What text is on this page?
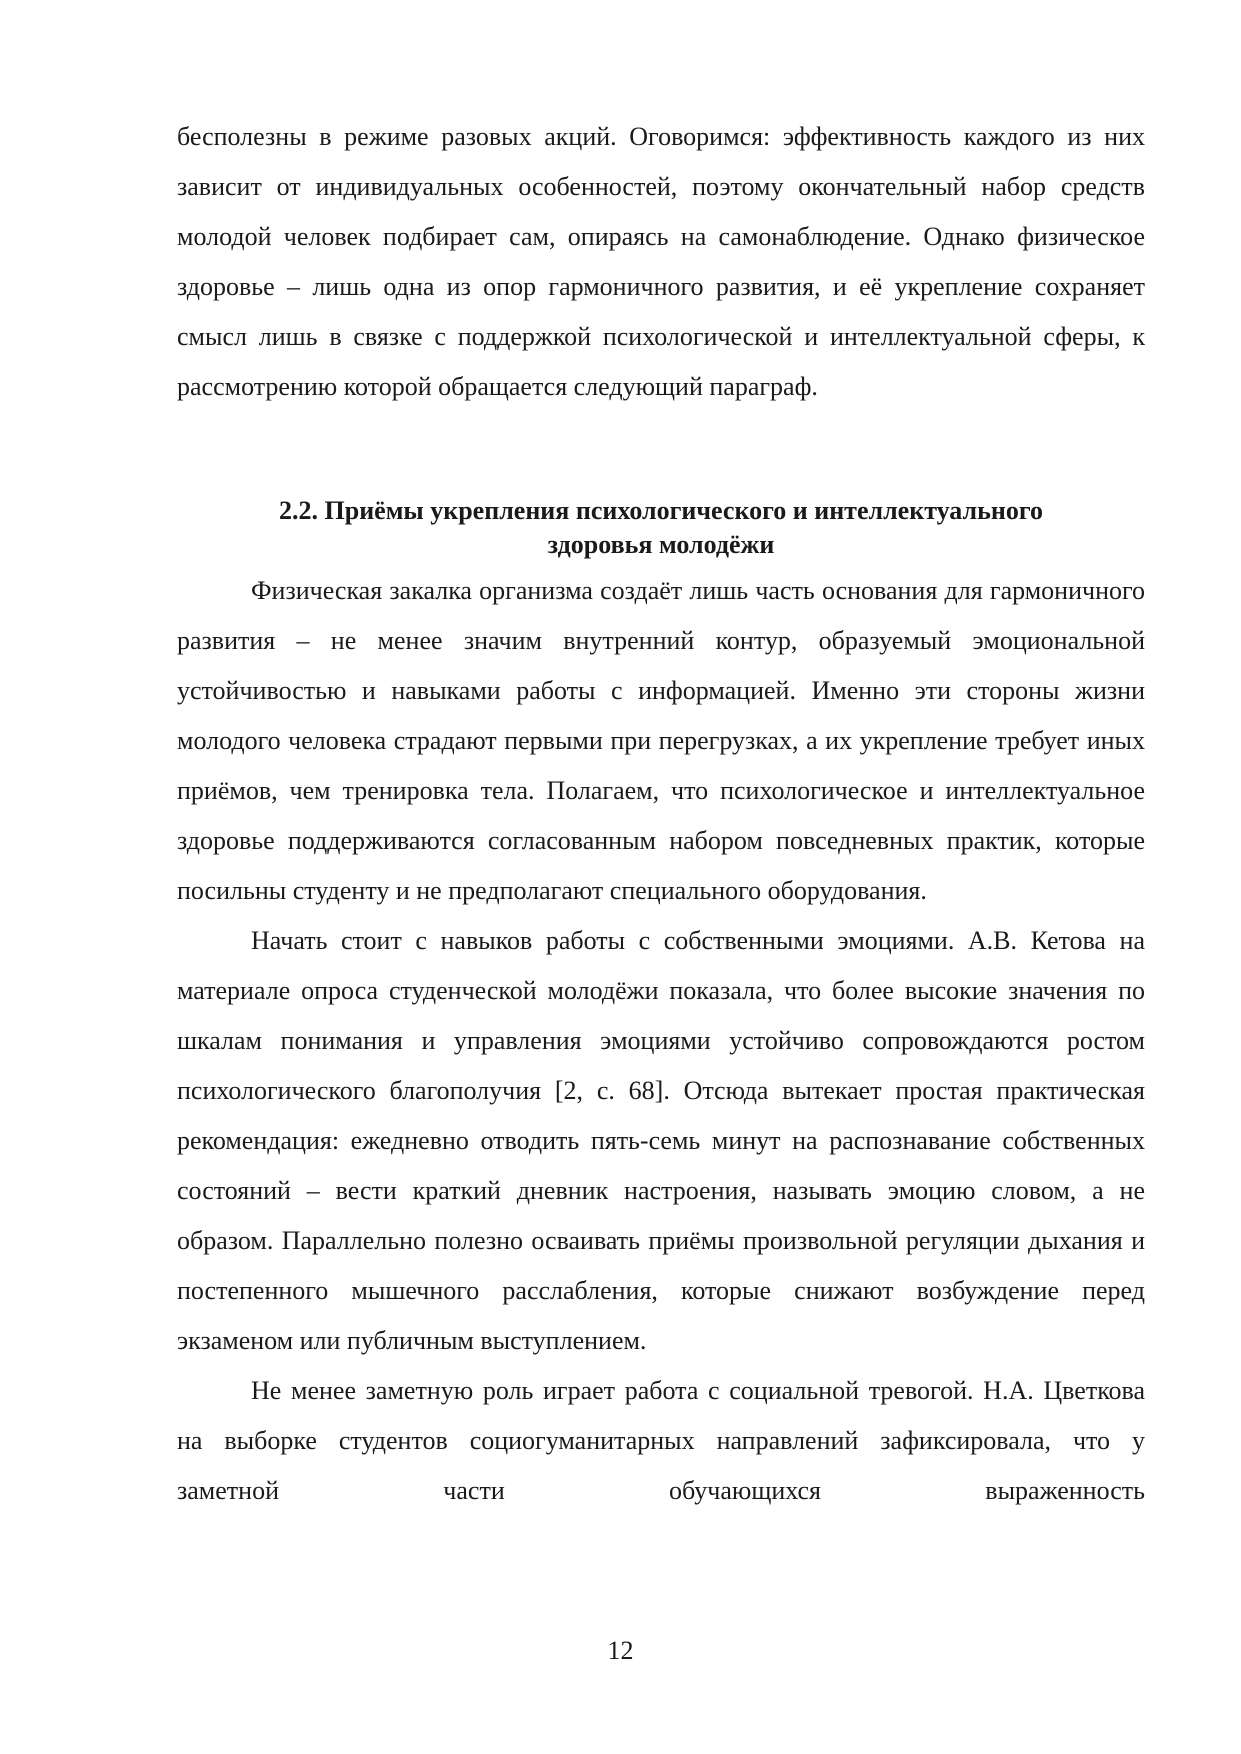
бесполезны в режиме разовых акций. Оговоримся: эффективность каждого из них зависит от индивидуальных особенностей, поэтому окончательный набор средств молодой человек подбирает сам, опираясь на самонаблюдение. Однако физическое здоровье – лишь одна из опор гармоничного развития, и её укрепление сохраняет смысл лишь в связке с поддержкой психологической и интеллектуальной сферы, к рассмотрению которой обращается следующий параграф.

2.2. Приёмы укрепления психологического и интеллектуального
здоровья молодёжи

Физическая закалка организма создаёт лишь часть основания для гармоничного развития – не менее значим внутренний контур, образуемый эмоциональной устойчивостью и навыками работы с информацией. Именно эти стороны жизни молодого человека страдают первыми при перегрузках, а их укрепление требует иных приёмов, чем тренировка тела. Полагаем, что психологическое и интеллектуальное здоровье поддерживаются согласованным набором повседневных практик, которые посильны студенту и не предполагают специального оборудования.

Начать стоит с навыков работы с собственными эмоциями. А.В. Кетова на материале опроса студенческой молодёжи показала, что более высокие значения по шкалам понимания и управления эмоциями устойчиво сопровождаются ростом психологического благополучия [2, с. 68]. Отсюда вытекает простая практическая рекомендация: ежедневно отводить пять-семь минут на распознавание собственных состояний – вести краткий дневник настроения, называть эмоцию словом, а не образом. Параллельно полезно осваивать приёмы произвольной регуляции дыхания и постепенного мышечного расслабления, которые снижают возбуждение перед экзаменом или публичным выступлением.

Не менее заметную роль играет работа с социальной тревогой. Н.А. Цветкова на выборке студентов социогуманитарных направлений зафиксировала, что у заметной части обучающихся выраженность

12
